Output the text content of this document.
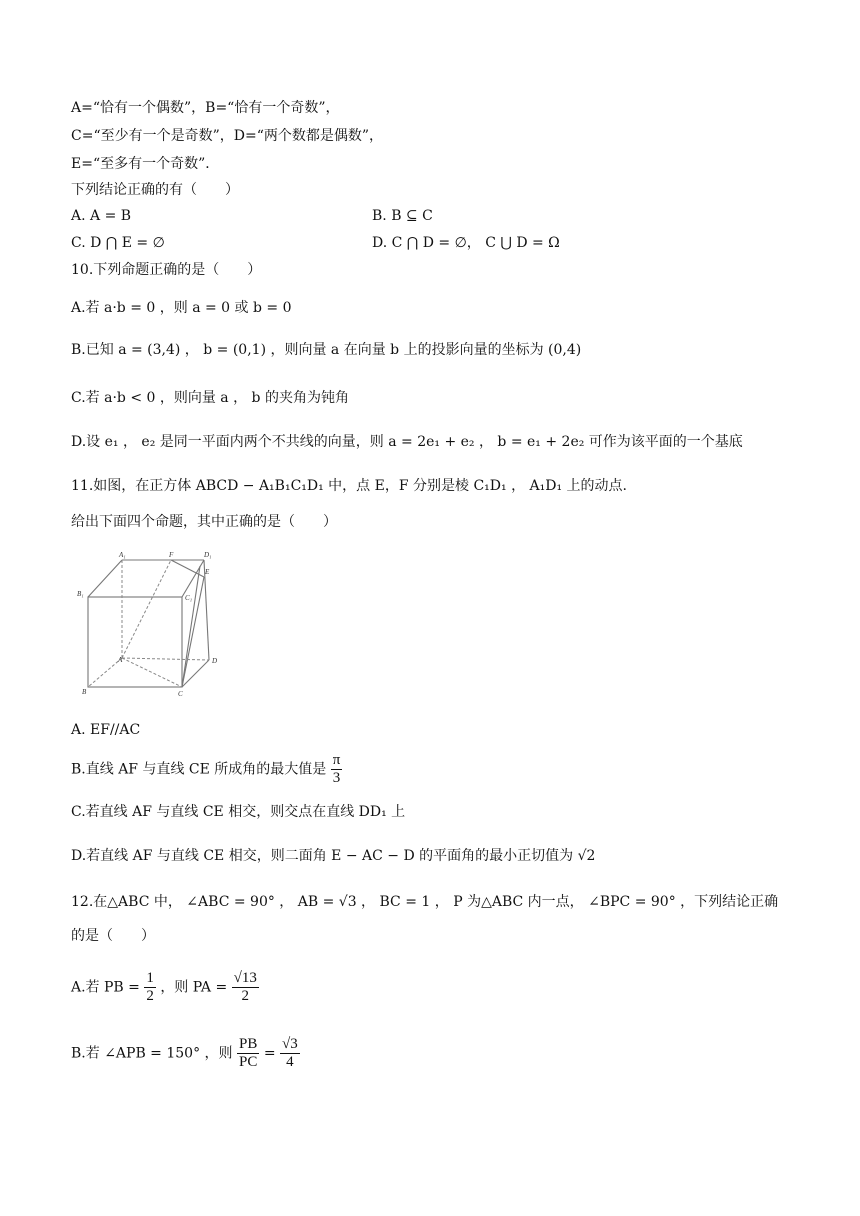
A=“恰有一个偶数”，B=“恰有一个奇数”，
C=“至少有一个是奇数”，D=“两个数都是偶数”，
E=“至多有一个奇数”．
下列结论正确的有（　　）
A. A = B	B. B ⊆ C
C. D ⋂ E = ∅	D. C ⋂ D = ∅， C ⋃ D = Ω
10.下列命题正确的是（　　）
A.若 a·b = 0 ，则 a = 0 或 b = 0
B.已知 a = (3,4) ， b = (0,1) ，则向量 a 在向量 b 上的投影向量的坐标为 (0,4)
C.若 a·b < 0 ，则向量 a ， b 的夹角为钝角
D.设 e₁ ， e₂ 是同一平面内两个不共线的向量，则 a = 2e₁ + e₂ ， b = e₁ + 2e₂ 可作为该平面的一个基底
11.如图，在正方体 ABCD − A₁B₁C₁D₁ 中，点 E，F 分别是棱 C₁D₁ ， A₁D₁ 上的动点.
给出下面四个命题，其中正确的是（　　）
A₁	F	D₁
E
B₁	C₁
A	D
B	C
A. EF//AC
B.直线 AF 与直线 CE 所成角的最大值是 $\frac{\pi}{3}$
C.若直线 AF 与直线 CE 相交，则交点在直线 DD₁ 上
D.若直线 AF 与直线 CE 相交，则二面角 E − AC − D 的平面角的最小正切值为 √2
12.在△ABC 中， ∠ABC = 90° ， AB = √3 ， BC = 1 ， P 为△ABC 内一点， ∠BPC = 90° ，下列结论正确
的是（　　）
A.若 PB = $\frac{1}{2}$ ，则 PA = $\frac{√13}{2}$
B.若 ∠APB = 150° ，则 $\frac{PB}{PC} = \frac{√3}{4}$
